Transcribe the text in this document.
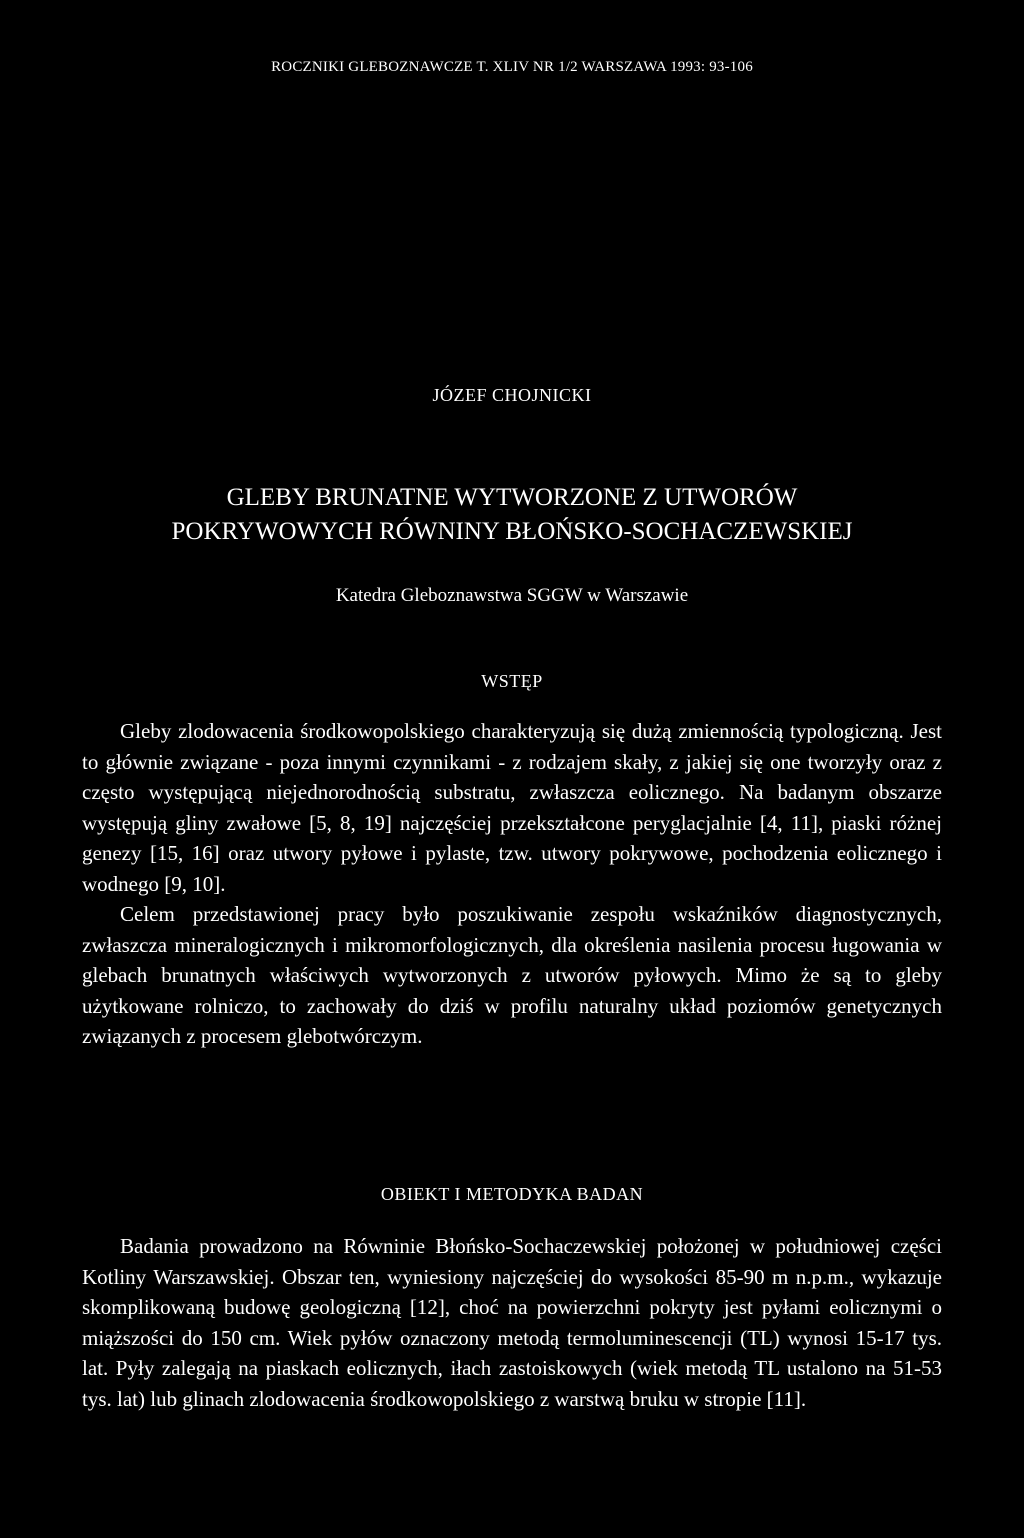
ROCZNIKI GLEBOZNAWCZE T. XLIV NR 1/2 WARSZAWA 1993: 93-106
JÓZEF CHOJNICKI
GLEBY BRUNATNE WYTWORZONE Z UTWORÓW
POKRYWOWYCH RÓWNINY BŁOŃSKO-SOCHACZEWSKIEJ
Katedra Gleboznawstwa SGGW w Warszawie
WSTĘP

Gleby zlodowacenia środkowopolskiego charakteryzują się dużą zmiennością typologiczną. Jest to głównie związane - poza innymi czynnikami - z rodzajem skały, z jakiej się one tworzyły oraz z często występującą niejednorodnością substratu, zwłaszcza eolicznego. Na badanym obszarze występują gliny zwałowe [5, 8, 19] najczęściej przekształcone peryglacjalnie [4, 11], piaski różnej genezy [15, 16] oraz utwory pyłowe i pylaste, tzw. utwory pokrywowe, pochodzenia eolicznego i wodnego [9, 10].

Celem przedstawionej pracy było poszukiwanie zespołu wskaźników diagnostycznych, zwłaszcza mineralogicznych i mikromorfologicznych, dla określenia nasilenia procesu ługowania w glebach brunatnych właściwych wytworzonych z utworów pyłowych. Mimo że są to gleby użytkowane rolniczo, to zachowały do dziś w profilu naturalny układ poziomów genetycznych związanych z procesem glebotwórczym.

OBIEKT I METODYKA BADAN

Badania prowadzono na Równinie Błońsko-Sochaczewskiej położonej w południowej części Kotliny Warszawskiej. Obszar ten, wyniesiony najczęściej do wysokości 85-90 m n.p.m., wykazuje skomplikowaną budowę geologiczną [12], choć na powierzchni pokryty jest pyłami eolicznymi o miąższości do 150 cm. Wiek pyłów oznaczony metodą termoluminescencji (TL) wynosi 15-17 tys. lat. Pyły zalegają na piaskach eolicznych, iłach zastoiskowych (wiek metodą TL ustalono na 51-53 tys. lat) lub glinach zlodowacenia środkowopolskiego z warstwą bruku w stropie [11].
